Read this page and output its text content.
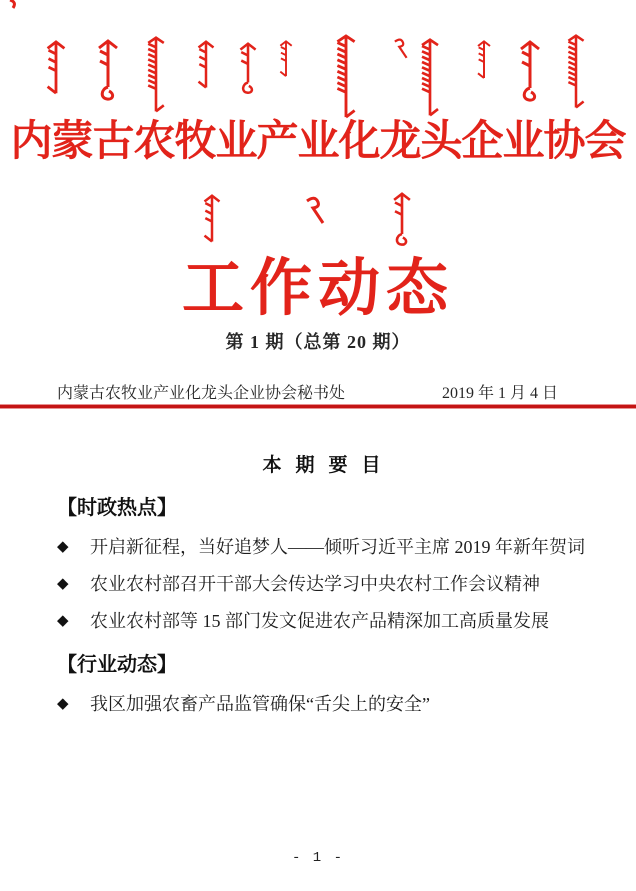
内蒙古农牧业产业化龙头企业协会
工作动态
第 1 期（总第 20 期）
内蒙古农牧业产业化龙头企业协会秘书处	2019 年 1 月 4 日
本期要目
【时政热点】
◆	开启新征程，当好追梦人——倾听习近平主席 2019 年新年贺词
◆	农业农村部召开干部大会传达学习中央农村工作会议精神
◆	农业农村部等 15 部门发文促进农产品精深加工高质量发展
【行业动态】
◆	我区加强农畜产品监管确保“舌尖上的安全”
- 1 -
